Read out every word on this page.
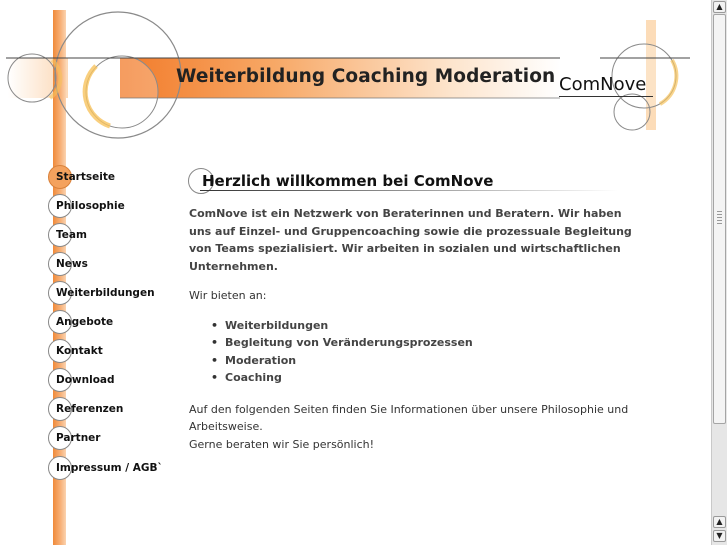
Weiterbildung Coaching Moderation ComNove
Startseite
Philosophie
Team
News
Weiterbildungen
Angebote
Kontakt
Download
Referenzen
Partner
Impressum / AGB`
Herzlich willkommen bei ComNove

ComNove ist ein Netzwerk von Beraterinnen und Beratern. Wir haben uns auf Einzel- und Gruppencoaching sowie die prozessuale Begleitung von Teams spezialisiert. Wir arbeiten in sozialen und wirtschaftlichen Unternehmen.

Wir bieten an:

• Weiterbildungen
• Begleitung von Veränderungsprozessen
• Moderation
• Coaching

Auf den folgenden Seiten finden Sie Informationen über unsere Philosophie und Arbeitsweise.

Gerne beraten wir Sie persönlich!

▲
▲
▼
